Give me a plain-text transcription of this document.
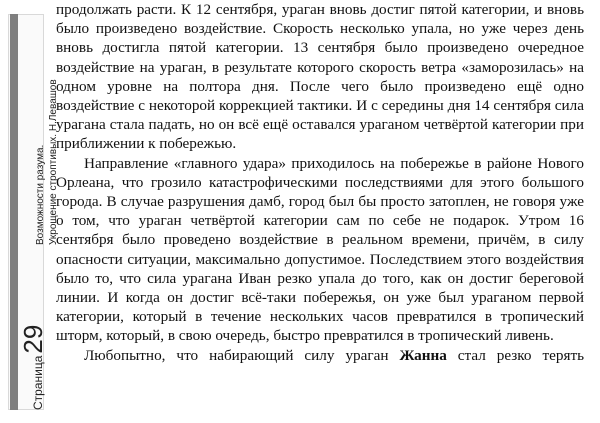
Страница
29
Возможности разума. Укрощение строптивых. Н.Левашов

продолжать расти. К 12 сентября, ураган вновь достиг пятой категории, и вновь было произведено воздействие. Скорость несколько упала, но уже через день вновь достигла пятой категории. 13 сентября было произведено очередное воздействие на ураган, в результате которого скорость ветра «заморозилась» на одном уровне на полтора дня. После чего было произведено ещё одно воздействие с некоторой коррекцией тактики. И с середины дня 14 сентября сила урагана стала падать, но он всё ещё оставался ураганом четвёртой категории при приближении к побережью.

Направление «главного удара» приходилось на побережье в районе Нового Орлеана, что грозило катастрофическими последствиями для этого большого города. В случае разрушения дамб, город был бы просто затоплен, не говоря уже о том, что ураган четвёртой категории сам по себе не подарок. Утром 16 сентября было проведено воздействие в реальном времени, причём, в силу опасности ситуации, максимально допустимое. Последствием этого воздействия было то, что сила урагана Иван резко упала до того, как он достиг береговой линии. И когда он достиг всё-таки побережья, он уже был ураганом первой категории, который в течение нескольких часов превратился в тропический шторм, который, в свою очередь, быстро превратился в тропический ливень.

Любопытно, что набирающий силу ураган Жанна стал резко терять
